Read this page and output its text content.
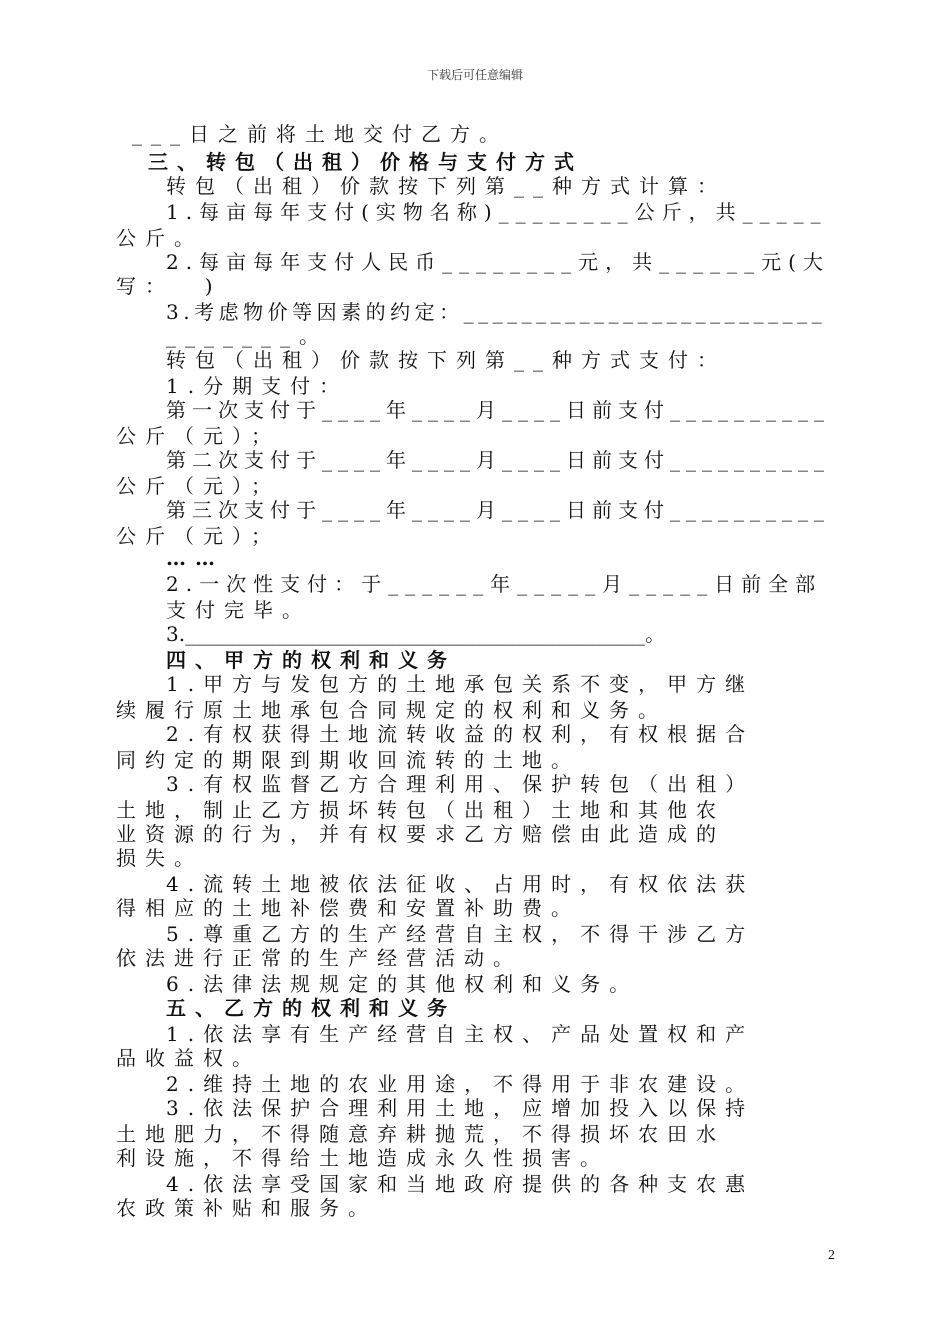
下载后可任意编辑
___日之前将土地交付乙方。
三、转包（出租）价格与支付方式
转包（出租）价款按下列第__种方式计算：
1.每亩每年支付(实物名称)________公斤，共_____
公斤。
2.每亩每年支付人民币________元，共______元(大
写：  )
3.考虑物价等因素的约定：_________________________
_______。
转包（出租）价款按下列第__种方式支付：
1.分期支付：
第一次支付于____年____月____日前支付__________
公斤（元）；
第二次支付于____年____月____日前支付__________
公斤（元）；
第三次支付于____年____月____日前支付__________
公斤（元）；
……
2.一次性支付：于______年_____月_____日前全部
支付完毕。
3.______________________________________________。
四、甲方的权利和义务
1.甲方与发包方的土地承包关系不变，甲方继
续履行原土地承包合同规定的权利和义务。
2.有权获得土地流转收益的权利，有权根据合
同约定的期限到期收回流转的土地。
3.有权监督乙方合理利用、保护转包（出租）
土地，制止乙方损坏转包（出租）土地和其他农
业资源的行为，并有权要求乙方赔偿由此造成的
损失。
4.流转土地被依法征收、占用时，有权依法获
得相应的土地补偿费和安置补助费。
5.尊重乙方的生产经营自主权，不得干涉乙方
依法进行正常的生产经营活动。
6.法律法规规定的其他权利和义务。
五、乙方的权利和义务
1.依法享有生产经营自主权、产品处置权和产
品收益权。
2.维持土地的农业用途，不得用于非农建设。
3.依法保护合理利用土地，应增加投入以保持
土地肥力，不得随意弃耕抛荒，不得损坏农田水
利设施，不得给土地造成永久性损害。
4.依法享受国家和当地政府提供的各种支农惠
农政策补贴和服务。
2
